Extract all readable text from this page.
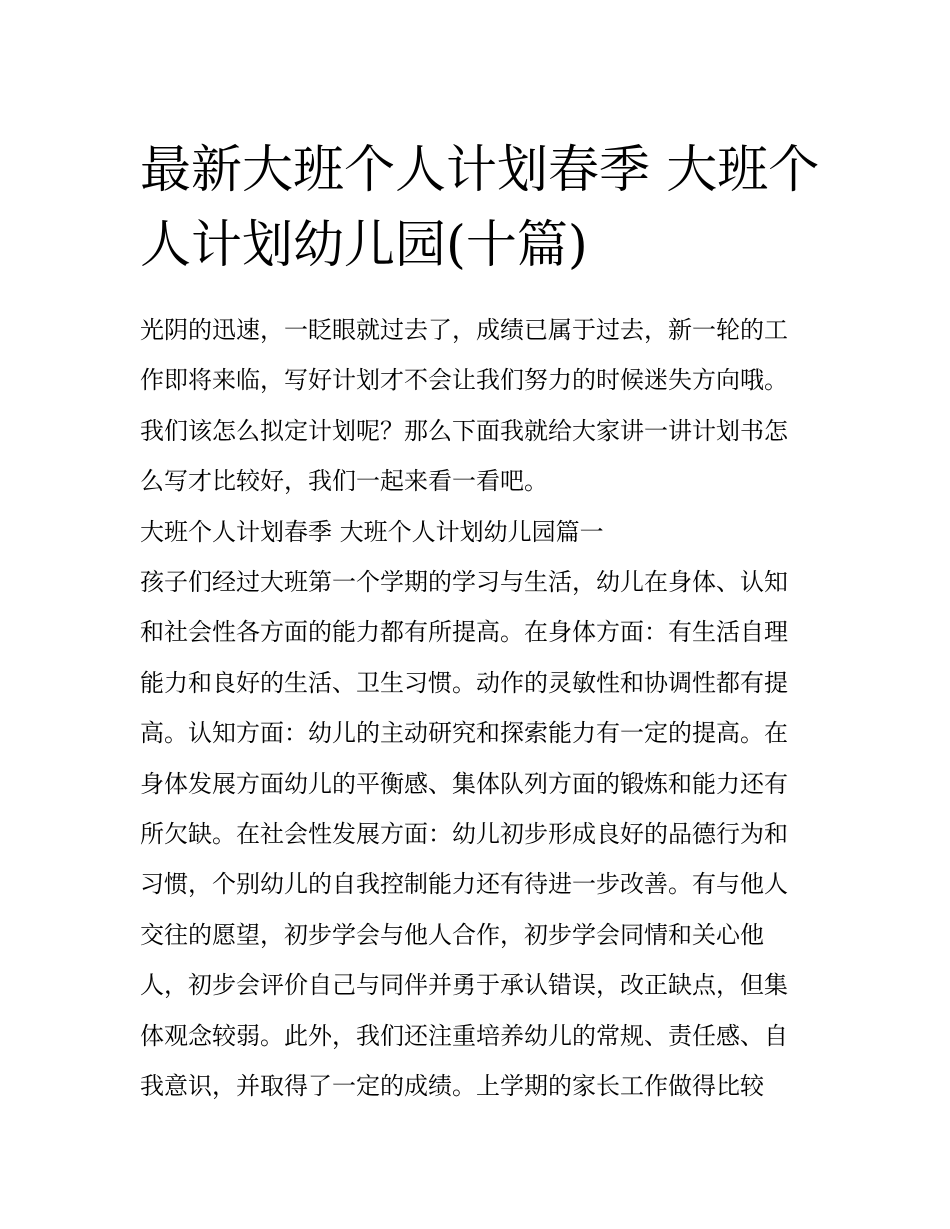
最新大班个人计划春季 大班个
人计划幼儿园(十篇)

光阴的迅速，一眨眼就过去了，成绩已属于过去，新一轮的工

作即将来临，写好计划才不会让我们努力的时候迷失方向哦。

我们该怎么拟定计划呢？那么下面我就给大家讲一讲计划书怎

么写才比较好，我们一起来看一看吧。

大班个人计划春季 大班个人计划幼儿园篇一

孩子们经过大班第一个学期的学习与生活，幼儿在身体、认知

和社会性各方面的能力都有所提高。在身体方面：有生活自理

能力和良好的生活、卫生习惯。动作的灵敏性和协调性都有提

高。认知方面：幼儿的主动研究和探索能力有一定的提高。在

身体发展方面幼儿的平衡感、集体队列方面的锻炼和能力还有

所欠缺。在社会性发展方面：幼儿初步形成良好的品德行为和

习惯，个别幼儿的自我控制能力还有待进一步改善。有与他人

交往的愿望，初步学会与他人合作，初步学会同情和关心他

人，初步会评价自己与同伴并勇于承认错误，改正缺点，但集

体观念较弱。此外，我们还注重培养幼儿的常规、责任感、自

我意识，并取得了一定的成绩。上学期的家长工作做得比较
